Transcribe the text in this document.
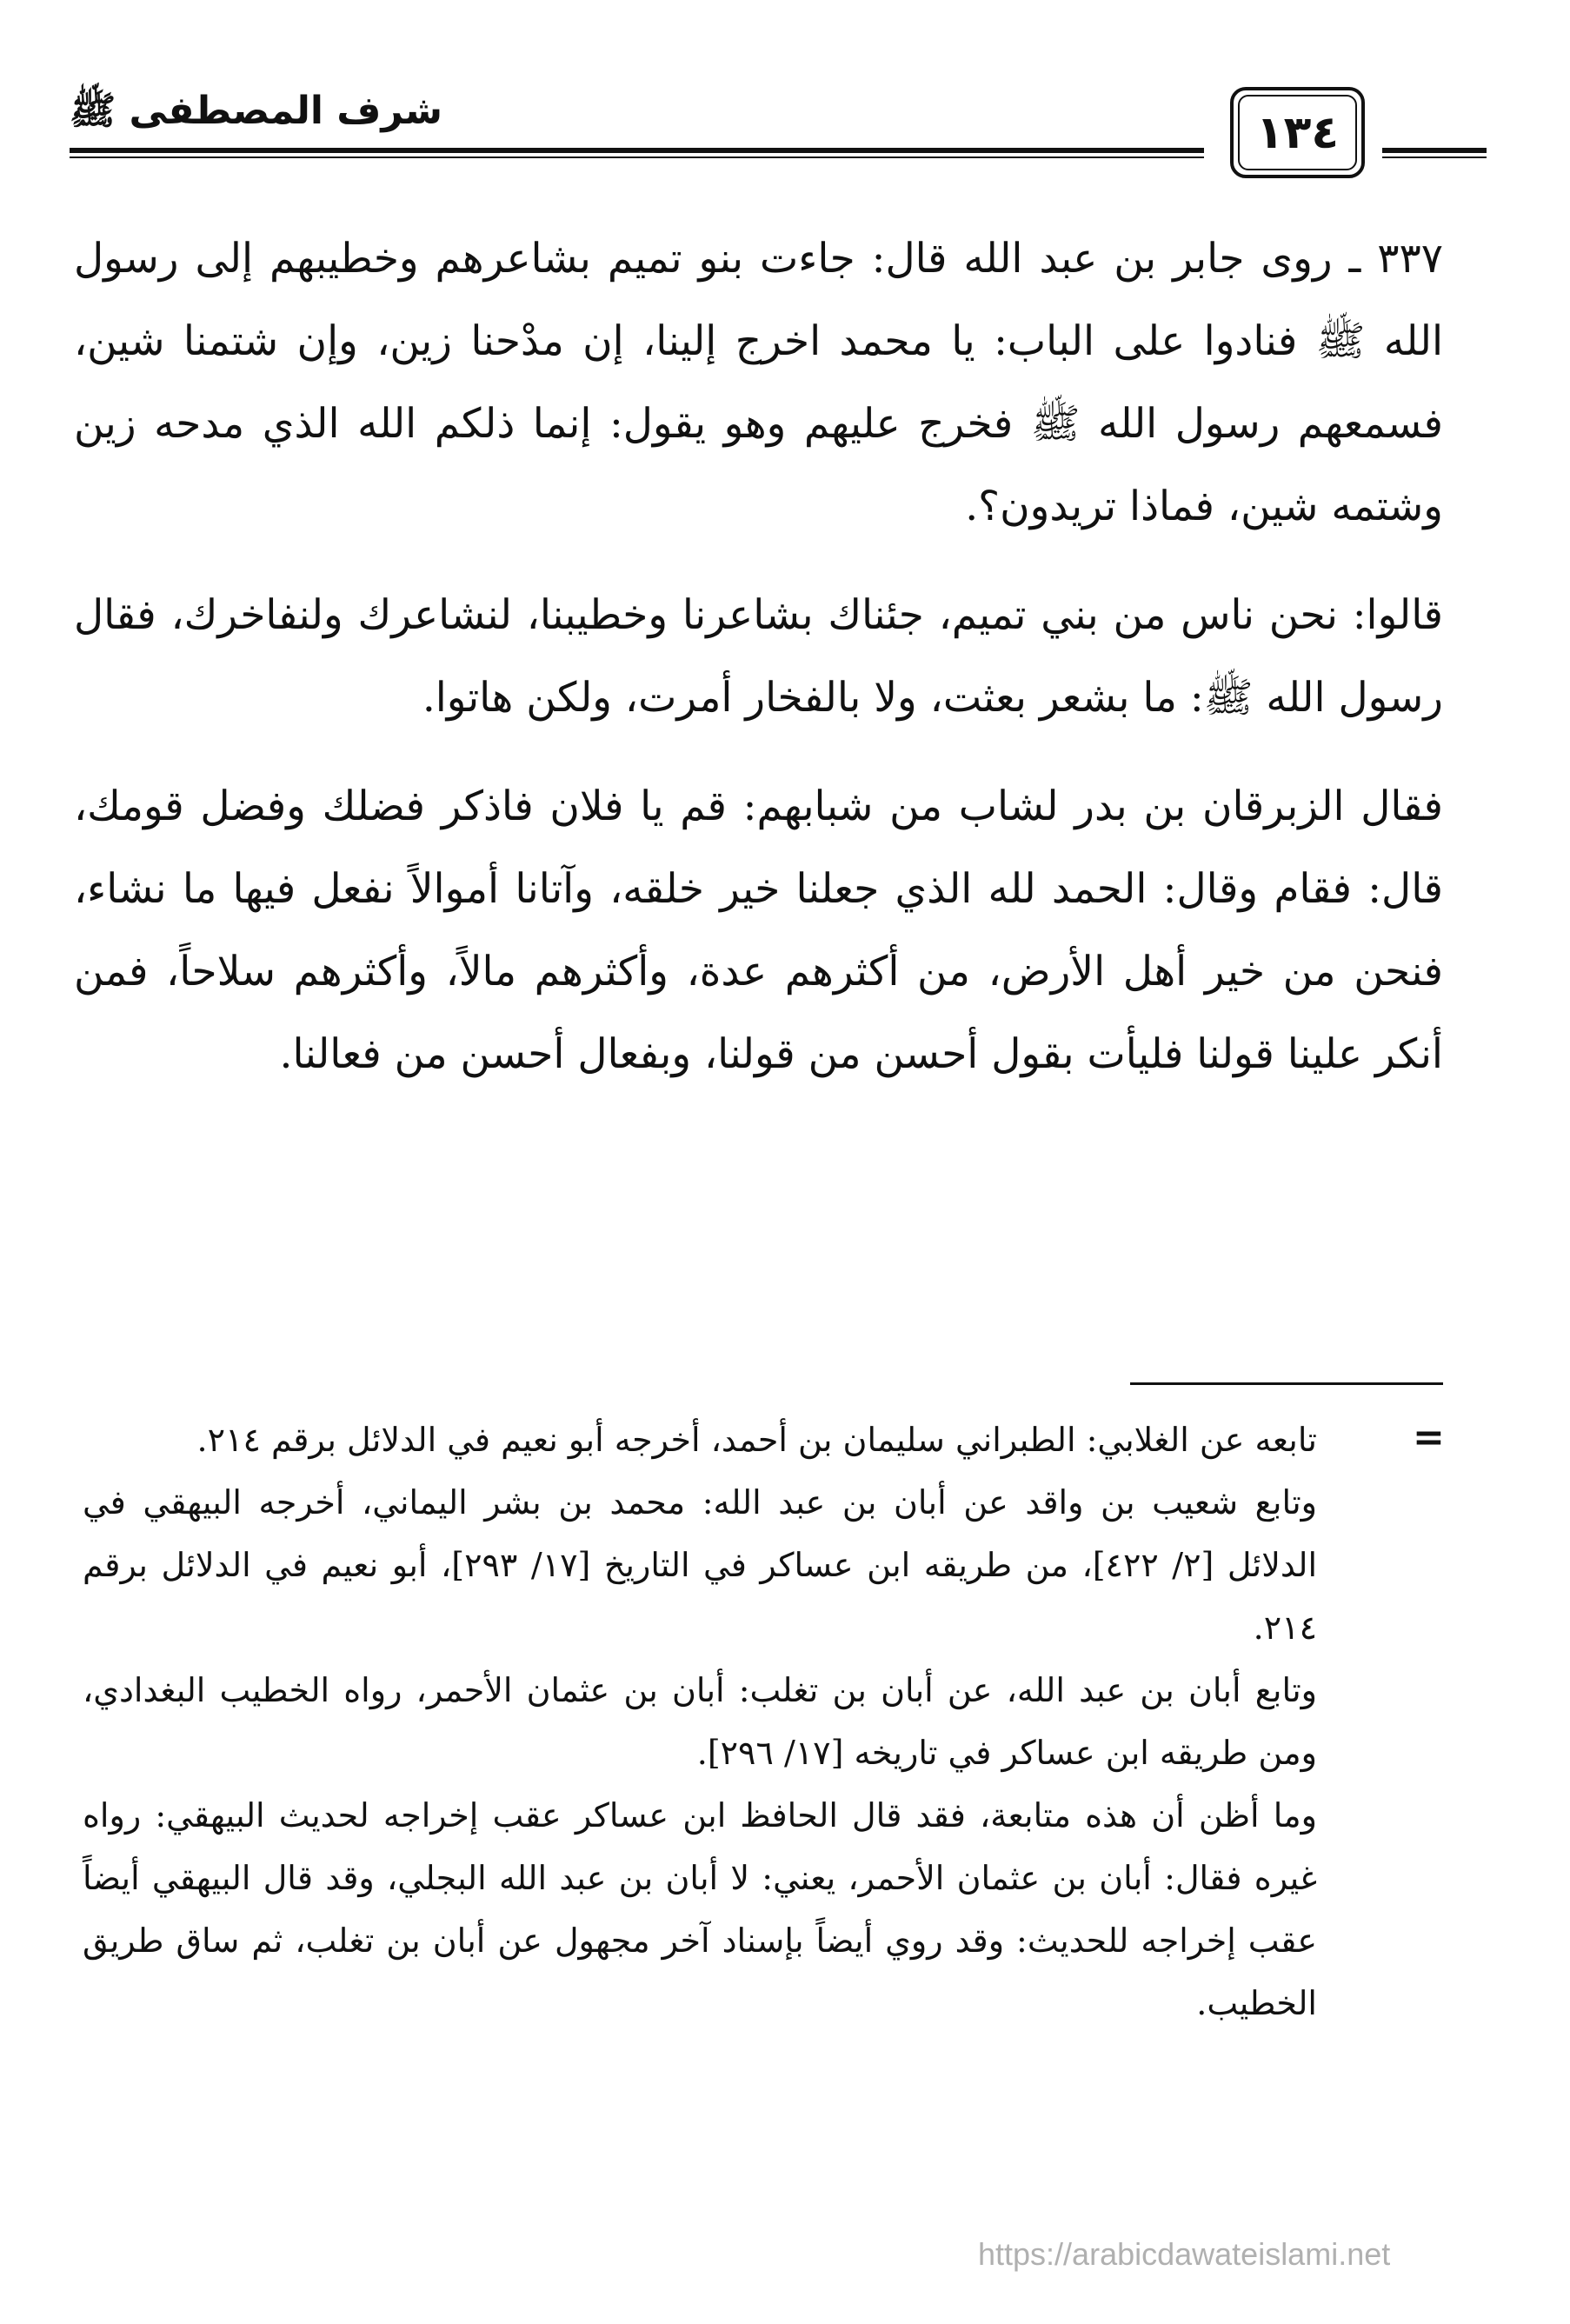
شرف المصطفى ﷺ	١٣٤

٣٣٧ ـ روى جابر بن عبد الله قال: جاءت بنو تميم بشاعرهم وخطيبهم إلى رسول الله ﷺ فنادوا على الباب: يا محمد اخرج إلينا، إن مدْحنا زين، وإن شتمنا شين، فسمعهم رسول الله ﷺ فخرج عليهم وهو يقول: إنما ذلكم الله الذي مدحه زين وشتمه شين، فماذا تريدون؟.

قالوا: نحن ناس من بني تميم، جئناك بشاعرنا وخطيبنا، لنشاعرك ولنفاخرك، فقال رسول الله ﷺ: ما بشعر بعثت، ولا بالفخار أمرت، ولكن هاتوا.

فقال الزبرقان بن بدر لشاب من شبابهم: قم يا فلان فاذكر فضلك وفضل قومك، قال: فقام وقال: الحمد لله الذي جعلنا خير خلقه، وآتانا أموالاً نفعل فيها ما نشاء، فنحن من خير أهل الأرض، من أكثرهم عدة، وأكثرهم مالاً، وأكثرهم سلاحاً، فمن أنكر علينا قولنا فليأت بقول أحسن من قولنا، وبفعال أحسن من فعالنا.

=

تابعه عن الغلابي: الطبراني سليمان بن أحمد، أخرجه أبو نعيم في الدلائل برقم ٢١٤.

وتابع شعيب بن واقد عن أبان بن عبد الله: محمد بن بشر اليماني، أخرجه البيهقي في الدلائل [٢/ ٤٢٢]، من طريقه ابن عساكر في التاريخ [١٧/ ٢٩٣]، أبو نعيم في الدلائل برقم ٢١٤.

وتابع أبان بن عبد الله، عن أبان بن تغلب: أبان بن عثمان الأحمر، رواه الخطيب البغدادي، ومن طريقه ابن عساكر في تاريخه [١٧/ ٢٩٦].

وما أظن أن هذه متابعة، فقد قال الحافظ ابن عساكر عقب إخراجه لحديث البيهقي: رواه غيره فقال: أبان بن عثمان الأحمر، يعني: لا أبان بن عبد الله البجلي، وقد قال البيهقي أيضاً عقب إخراجه للحديث: وقد روي أيضاً بإسناد آخر مجهول عن أبان بن تغلب، ثم ساق طريق الخطيب.

https://arabicdawateislami.net
